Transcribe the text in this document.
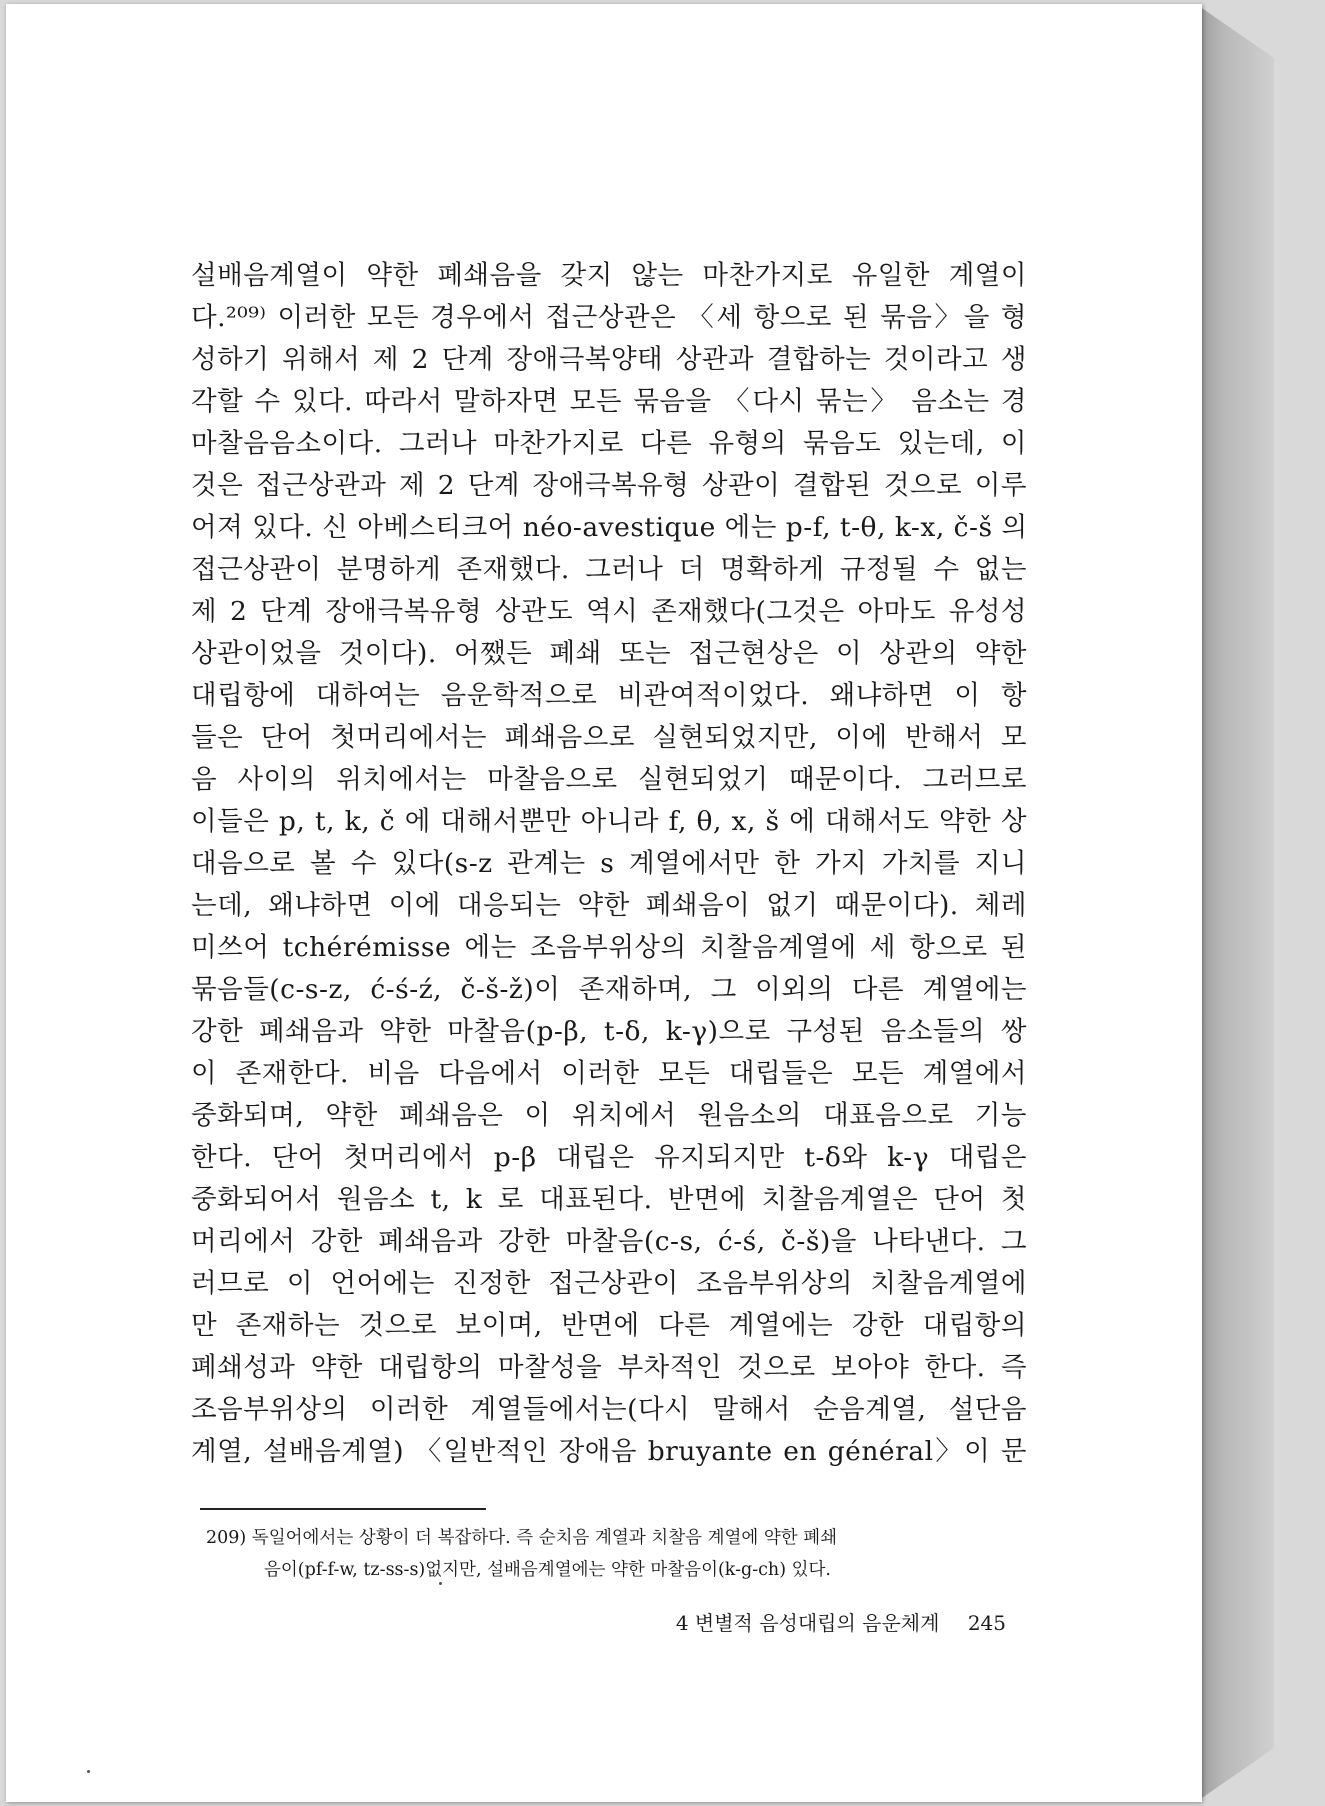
설배음계열이 약한 폐쇄음을 갖지 않는 마찬가지로 유일한 계열이
다.²⁰⁹⁾ 이러한 모든 경우에서 접근상관은 〈세 항으로 된 묶음〉을 형
성하기 위해서 제 2 단계 장애극복양태 상관과 결합하는 것이라고 생
각할 수 있다. 따라서 말하자면 모든 묶음을 〈다시 묶는〉 음소는 경
마찰음음소이다. 그러나 마찬가지로 다른 유형의 묶음도 있는데, 이
것은 접근상관과 제 2 단계 장애극복유형 상관이 결합된 것으로 이루
어져 있다. 신 아베스티크어 néo-avestique 에는 p-f, t-θ, k-x, č-š 의
접근상관이 분명하게 존재했다. 그러나 더 명확하게 규정될 수 없는
제 2 단계 장애극복유형 상관도 역시 존재했다(그것은 아마도 유성성
상관이었을 것이다). 어쨌든 폐쇄 또는 접근현상은 이 상관의 약한
대립항에 대하여는 음운학적으로 비관여적이었다. 왜냐하면 이 항
들은 단어 첫머리에서는 폐쇄음으로 실현되었지만, 이에 반해서 모
음 사이의 위치에서는 마찰음으로 실현되었기 때문이다. 그러므로
이들은 p, t, k, č 에 대해서뿐만 아니라 f, θ, x, š 에 대해서도 약한 상
대음으로 볼 수 있다(s-z 관계는 s 계열에서만 한 가지 가치를 지니
는데, 왜냐하면 이에 대응되는 약한 폐쇄음이 없기 때문이다). 체레
미쓰어 tchérémisse 에는 조음부위상의 치찰음계열에 세 항으로 된
묶음들(c-s-z, ć-ś-ź, č-š-ž)이 존재하며, 그 이외의 다른 계열에는
강한 폐쇄음과 약한 마찰음(p-β, t-δ, k-γ)으로 구성된 음소들의 쌍
이 존재한다. 비음 다음에서 이러한 모든 대립들은 모든 계열에서
중화되며, 약한 폐쇄음은 이 위치에서 원음소의 대표음으로 기능
한다. 단어 첫머리에서 p-β 대립은 유지되지만 t-δ와 k-γ 대립은
중화되어서 원음소 t, k 로 대표된다. 반면에 치찰음계열은 단어 첫
머리에서 강한 폐쇄음과 강한 마찰음(c-s, ć-ś, č-š)을 나타낸다. 그
러므로 이 언어에는 진정한 접근상관이 조음부위상의 치찰음계열에
만 존재하는 것으로 보이며, 반면에 다른 계열에는 강한 대립항의
폐쇄성과 약한 대립항의 마찰성을 부차적인 것으로 보아야 한다. 즉
조음부위상의 이러한 계열들에서는(다시 말해서 순음계열, 설단음
계열, 설배음계열) 〈일반적인 장애음 bruyante en général〉이 문
209) 독일어에서는 상황이 더 복잡하다. 즉 순치음 계열과 치찰음 계열에 약한 폐쇄
음이(pf-f-w, tz-ss-s)없지만, 설배음계열에는 약한 마찰음이(k-g-ch) 있다.
4 변별적 음성대립의 음운체계 245
